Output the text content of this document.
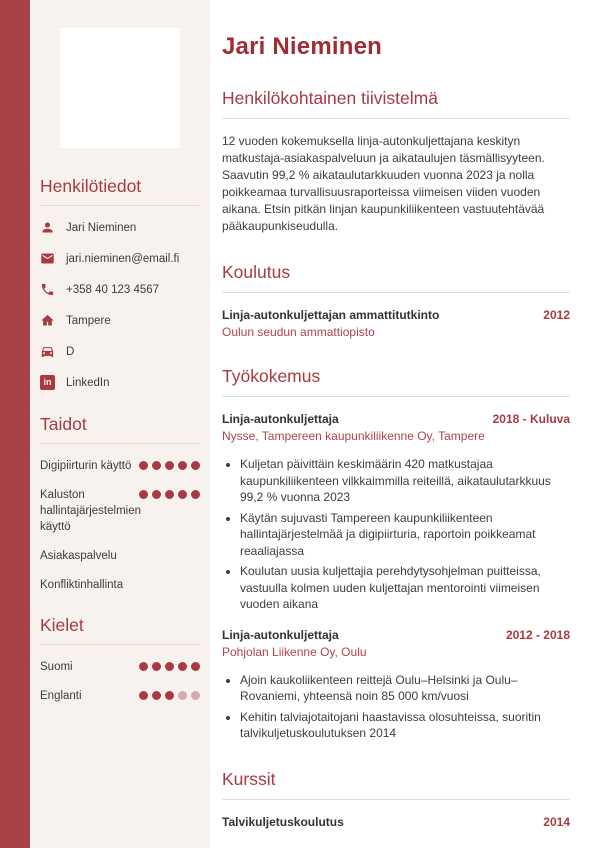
Henkilötiedot
Jari Nieminen
jari.nieminen@email.fi
+358 40 123 4567
Tampere
D
in LinkedIn
Taidot
Digipiirturin käyttö
Kaluston hallintajärjestelmien käyttö
Asiakaspalvelu
Konfliktinhallinta
Kielet
Suomi
Englanti
Jari Nieminen
Henkilökohtainen tiivistelmä

12 vuoden kokemuksella linja-autonkuljettajana keskityn matkustaja-asiakaspalveluun ja aikataulujen täsmällisyyteen. Saavutin 99,2 % aikataulutarkkuuden vuonna 2023 ja nolla poikkeamaa turvallisuusraporteissa viimeisen viiden vuoden aikana. Etsin pitkän linjan kaupunkiliikenteen vastuutehtävää pääkaupunkiseudulla.

Koulutus
Linja-autonkuljettajan ammattitutkinto	2012
Oulun seudun ammattiopisto
Työkokemus
Linja-autonkuljettaja	2018 - Kuluva
Nysse, Tampereen kaupunkiliikenne Oy, Tampere
• Kuljetan päivittäin keskimäärin 420 matkustajaa kaupunkiliikenteen vilkkaimmilla reiteillä, aikataulutarkkuus 99,2 % vuonna 2023
• Käytän sujuvasti Tampereen kaupunkiliikenteen hallintajärjestelmää ja digipiirturia, raportoin poikkeamat reaaliajassa
• Koulutan uusia kuljettajia perehdytysohjelman puitteissa, vastuulla kolmen uuden kuljettajan mentorointi viimeisen vuoden aikana
Linja-autonkuljettaja	2012 - 2018
Pohjolan Liikenne Oy, Oulu
• Ajoin kaukoliikenteen reittejä Oulu–Helsinki ja Oulu–Rovaniemi, yhteensä noin 85 000 km/vuosi
• Kehitin talviajotaitojani haastavissa olosuhteissa, suoritin talvikuljetuskoulutuksen 2014
Kurssit
Talvikuljetuskoulutus	2014
